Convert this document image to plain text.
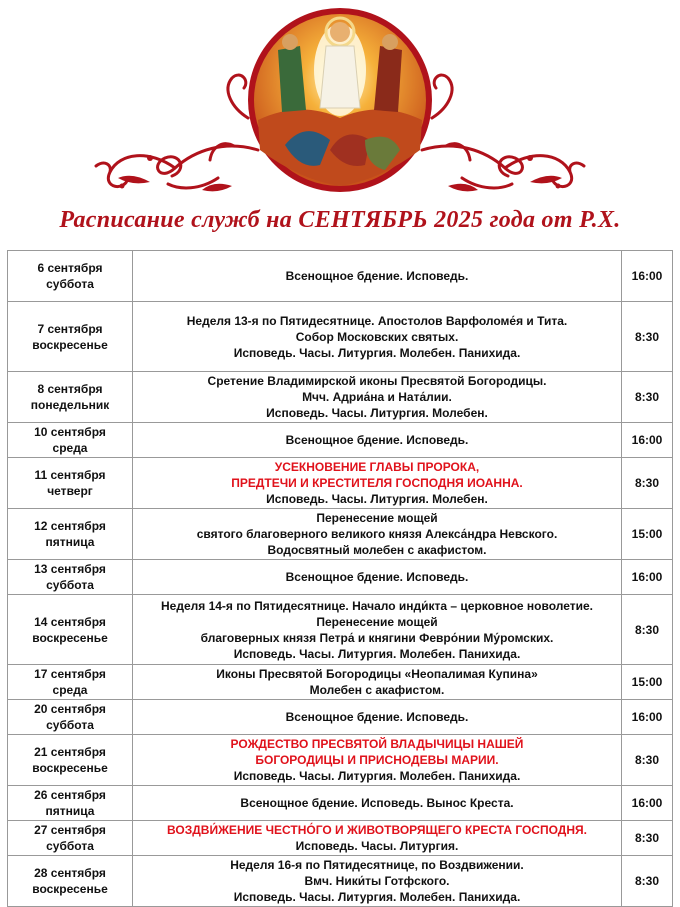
Расписание служб на СЕНТЯБРЬ 2025 года от Р.Х.
6 сентября
суббота	Всенощное бдение. Исповедь.	16:00

7 сентября
воскресенье	Неделя 13-я по Пятидесятнице. Апостолов Варфоломе́я и Тита.
Собор Московских святых.
Исповедь. Часы. Литургия. Молебен. Панихида.	8:30

8 сентября
понедельник	Сретение Владимирской иконы Пресвятой Богородицы.
Мчч. Адриа́на и Ната́лии.
Исповедь. Часы. Литургия. Молебен.	8:30

10 сентября
среда	Всенощное бдение. Исповедь.	16:00

11 сентября
четверг	УСЕКНОВЕНИЕ ГЛАВЫ ПРОРОКА,
ПРЕДТЕЧИ И КРЕСТИТЕЛЯ ГОСПОДНЯ ИОАННА.
Исповедь. Часы. Литургия. Молебен.	8:30

12 сентября
пятница	Перенесение мощей
святого благоверного великого князя Алекса́ндра Невского.
Водосвятный молебен с акафистом.	15:00

13 сентября
суббота	Всенощное бдение. Исповедь.	16:00

14 сентября
воскресенье	Неделя 14-я по Пятидесятнице. Начало инди́кта – церковное новолетие.
Перенесение мощей
благоверных князя Петра́ и княгини Февро́нии Му́ромских.
Исповедь. Часы. Литургия. Молебен. Панихида.	8:30

17 сентября
среда	Иконы Пресвятой Богородицы «Неопалимая Купина»
Молебен с акафистом.	15:00

20 сентября
суббота	Всенощное бдение. Исповедь.	16:00

21 сентября
воскресенье	РОЖДЕСТВО ПРЕСВЯТОЙ ВЛАДЫЧИЦЫ НАШЕЙ
БОГОРОДИЦЫ И ПРИСНОДЕВЫ МАРИИ.
Исповедь. Часы. Литургия. Молебен. Панихида.	8:30

26 сентября
пятница	Всенощное бдение. Исповедь. Вынос Креста.	16:00

27 сентября
суббота	ВОЗДВИ́ЖЕНИЕ ЧЕСТНО́ГО И ЖИВОТВОРЯЩЕГО КРЕСТА ГОСПОДНЯ.
Исповедь. Часы. Литургия.	8:30

28 сентября
воскресенье	Неделя 16-я по Пятидесятнице, по Воздвижении.
Вмч. Ники́ты Готфского.
Исповедь. Часы. Литургия. Молебен. Панихида.	8:30
